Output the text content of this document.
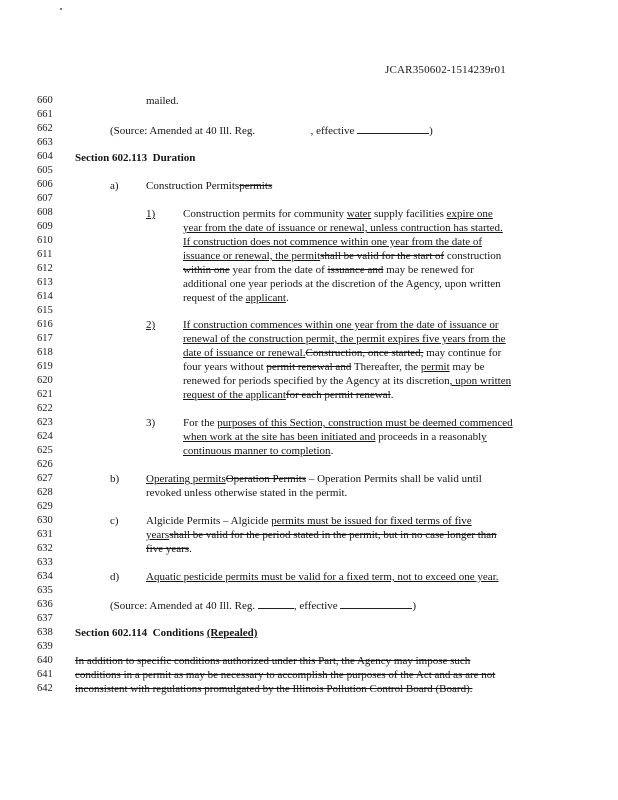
JCAR350602-1514239r01
660
661
662
663
604
605
606
607
608
609
610
611
612
613
614
615
616
617
618
619
620
621
622
623
624
625
626
627
628
629
630
631
632
633
634
635
636
637
638
639
640
641
642
mailed.
(Source: Amended at 40 Ill. Reg.	, effective	)
Section 602.113 Duration
a) Construction Permitspermits
1)	Construction permits for community water supply facilities expire one
year from the date of issuance or renewal, unless contruction has started.
If construction does not commence within one year from the date of
issuance or renewal, the permitshall be valid for the start of construction
within one year from the date of issuance and may be renewed for
additional one year periods at the discretion of the Agency, upon written
request of the applicant.
2)	If construction commences within one year from the date of issuance or
renewal of the construction permit, the permit expires five years from the
date of issuance or renewal.Construction, once started, may continue for
four years without permit renewal and Thereafter, the permit may be
renewed for periods specified by the Agency at its discretion, upon written
request of the applicantfor each permit renewal.
3)	For the purposes of this Section, construction must be deemed commenced
when work at the site has been initiated and proceeds in a reasonably
continuous manner to completion.
b) Operating permitsOperation Permits – Operation Permits shall be valid until
revoked unless otherwise stated in the permit.
c) Algicide Permits – Algicide permits must be issued for fixed terms of five
yearsshall be valid for the period stated in the permit, but in no case longer than
five years.
d) Aquatic pesticide permits must be valid for a fixed term, not to exceed one year.
(Source: Amended at 40 Ill. Reg.	, effective	)
Section 602.114 Conditions (Repealed)
In addition to specific conditions authorized under this Part, the Agency may impose such
conditions in a permit as may be necessary to accomplish the purposes of the Act and as are not
inconsistent with regulations promulgated by the Illinois Pollution Control Board (Board).
